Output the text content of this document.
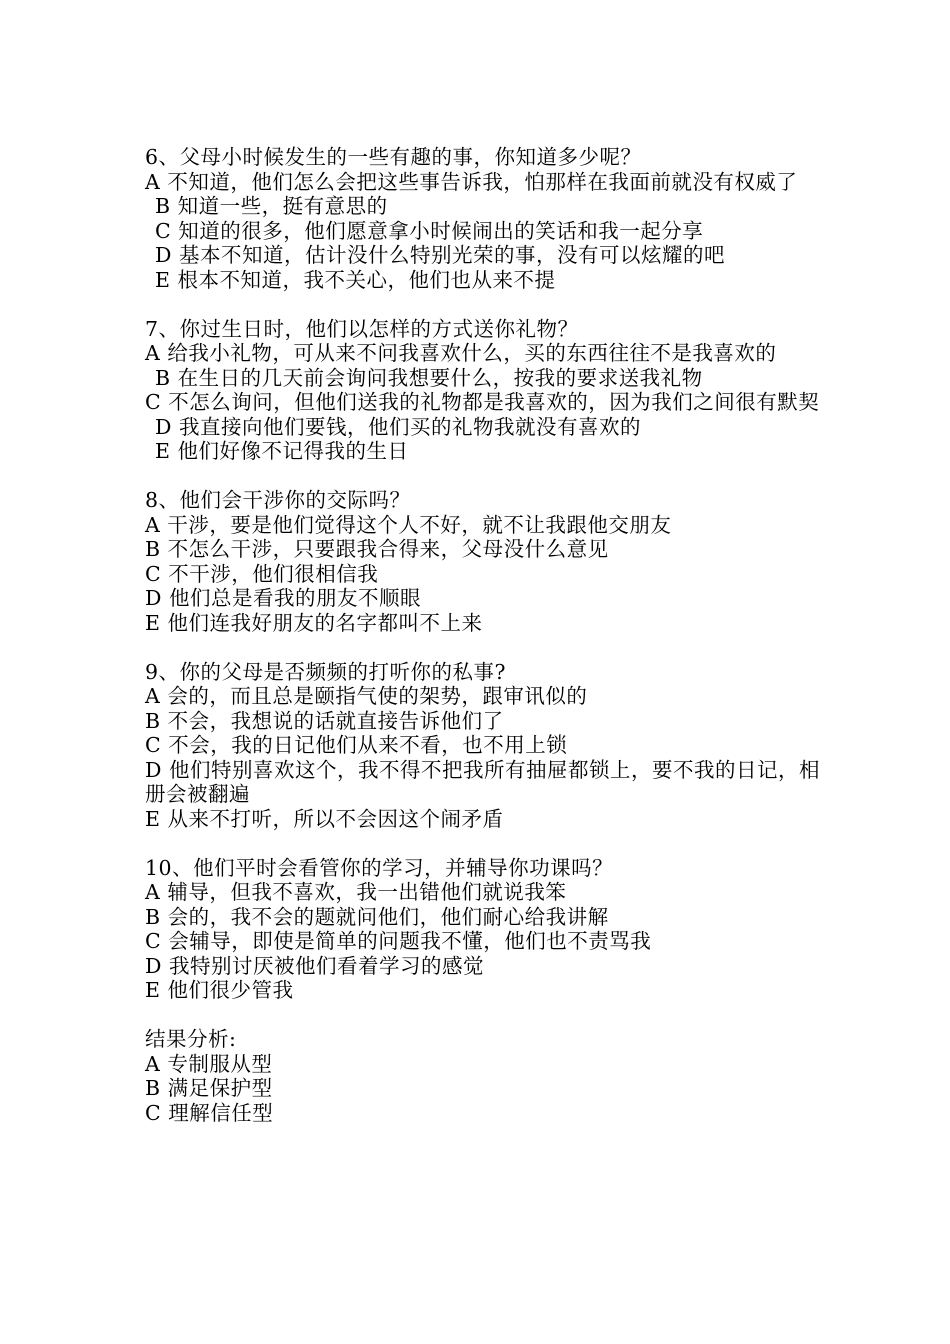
6、父母小时候发生的一些有趣的事，你知道多少呢？
A 不知道，他们怎么会把这些事告诉我，怕那样在我面前就没有权威了
B 知道一些，挺有意思的
C 知道的很多，他们愿意拿小时候闹出的笑话和我一起分享
D 基本不知道，估计没什么特别光荣的事，没有可以炫耀的吧
E 根本不知道，我不关心，他们也从来不提
7、你过生日时，他们以怎样的方式送你礼物？
A 给我小礼物，可从来不问我喜欢什么，买的东西往往不是我喜欢的
B 在生日的几天前会询问我想要什么，按我的要求送我礼物
C 不怎么询问，但他们送我的礼物都是我喜欢的，因为我们之间很有默契
D 我直接向他们要钱，他们买的礼物我就没有喜欢的
E 他们好像不记得我的生日
8、他们会干涉你的交际吗？
A 干涉，要是他们觉得这个人不好，就不让我跟他交朋友
B 不怎么干涉，只要跟我合得来，父母没什么意见
C 不干涉，他们很相信我
D 他们总是看我的朋友不顺眼
E 他们连我好朋友的名字都叫不上来
9、你的父母是否频频的打听你的私事?
A 会的，而且总是颐指气使的架势，跟审讯似的
B 不会，我想说的话就直接告诉他们了
C 不会，我的日记他们从来不看，也不用上锁
D 他们特别喜欢这个，我不得不把我所有抽屉都锁上，要不我的日记，相册会被翻遍
E 从来不打听，所以不会因这个闹矛盾
10、他们平时会看管你的学习，并辅导你功课吗？
A 辅导，但我不喜欢，我一出错他们就说我笨
B 会的，我不会的题就问他们，他们耐心给我讲解
C 会辅导，即使是简单的问题我不懂，他们也不责骂我
D 我特别讨厌被他们看着学习的感觉
E 他们很少管我
结果分析:
A 专制服从型
B 满足保护型
C 理解信任型
